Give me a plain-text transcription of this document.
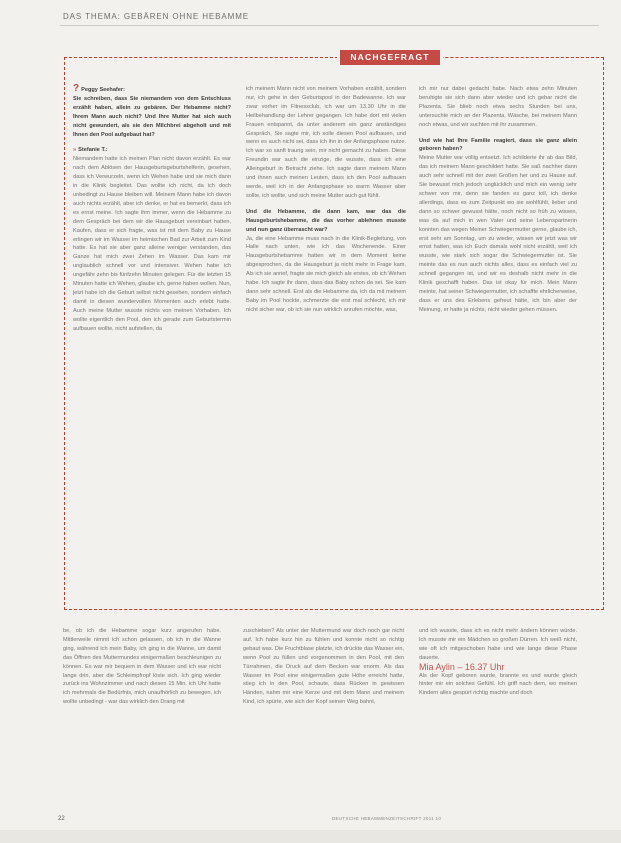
DAS THEMA: GEBÄREN OHNE HEBAMME
NACHGEFRAGT

? Peggy Seehafer:

Sie schreiben, dass Sie niemandem von dem Entschluss erzählt haben, allein zu gebären. Der Hebamme nicht? Ihrem Mann auch nicht? Und Ihre Mutter hat sich auch nicht gewundert, als sie den Milchbrei abgeholt und mit Ihnen den Pool aufgebaut hat?

» Stefanie T.:

Niemandem hatte ich meinen Plan nicht davon erzählt. Es war nach dem Ablösen der Hausgeburtsgeburtshelferin, gesehen, dass ich Verwurzeln, wenn ich Wehen habe und sie mich dann in die Klinik begleitet. Das wollte ich nicht, da ich doch unbedingt zu Hause bleiben will. Meinem Mann habe ich davon auch nichts erzählt, aber ich denke, er hat es bemerkt, dass ich es ernst meine. Ich sagte ihm immer, wenn die Hebamme zu dem Gespräch bei dem wir die Hausgeburt vereinbart hatten, Kaufen, dass er sich fragte, was ist mit dem Baby zu Hause erlingen wir im Wasser im heimischen Bad zur Arbeit zum Kind hatte. Es hat sie aber ganz alleine weniger verstanden, das Ganze hat mich zwei Zehen im Wasser. Das kam mir unglaublich schnell vor und intensiver. Wehen habe ich ungefähr zehn bis fünfzehn Minuten gelegen. Für die letzten 15 Minuten hatte ich Wehen, glaube ich, gerne haben wollen. Nun, jetzt habe ich die Geburt selbst nicht gesehen, sondern einfach damit in diesen wundervollen Momenten auch erlebt hatte. Auch meine Mutter wusste nichts von meinen Vorhaben. Ich wollte eigentlich den Pool, den ich gerade zum Geburtstermin aufbauen wollte, nicht aufstellen, da

ich meinem Mann nicht von meinem Vorhaben erzählt, sondern nur, ich gehe in den Geburtspool in der Badewanne. Ich war zwar vorher im Fitnessclub, ich war um 13.30 Uhr in die Heilbehandlung der Lehrer gegangen. Ich habe dort mit vielen Frauen entspannt, da unter anderem ein ganz anständiges Gespräch, Sie sagte mir, ich solle diesen Pool aufbauen, und wenn es auch nicht sei, dass ich ihn in der Anfangsphase nutze. Ich war so sanft traurig sein, mir nicht gemacht zu haben. Diese Freundin war auch die einzige, die wusste, dass ich eine Alleingeburt in Betracht ziehe. Ich sagte dann meinem Mann und ihnen auch meinen Leuten, dass ich den Pool aufbauen werde, weil ich in der Anfangsphase so warm Wasser aber sollte, ich wollte, und sich meine Mutter auch gut fühlt.

Und die Hebamme, die dann kam, war das die Hausgeburtshebamme, die das vorher ablehnen musste und nun ganz überrascht war?

Ja, die eine Hebamme muss nach in die Klinik-Begleitung, von Halle nach unten, wie ich das Wochenende. Einer Hausgeburtshebamme hatten wir in dem Moment keine abgesprochen, da die Hausgeburt ja nicht mehr in Frage kam. Als ich sie anrief, fragte sie mich gleich als erstes, ob ich Wehen habe. Ich sagte ihr dann, dass das Baby schon da sei. Sie kam dann sehr schnell. Erst als die Hebamme da, ich da mit meinem Baby im Pool hockte, schmerzte die erst mal schlecht, ich mir nicht sicher war, ob ich sie nun wirklich anrufen möchte, was,

ich mir nur dabei gedacht habe. Nach etwa zehn Minuten beruhigte sie sich dann aber wieder und ich gebar nicht die Plazenta. Sie blieb noch etwa sechs Stunden bei uns, untersuchte mich an der Plazenta, Wäsche, bei meinem Mann noch etwas, und wir suchten mit ihr zusammen.

Und wie hat Ihre Familie reagiert, dass sie ganz allein geboren haben?

Meine Mutter war völlig entsetzt. Ich schilderte ihr ab das Bild, das ich meinem Mann geschildert hatte. Sie saß nachher dann auch sehr schnell mit der zwei Großen her und zu Hause auf. Sie bewusst mich jedoch unglücklich und mich ein wenig sehr schwer von mir, denn sie fanden es ganz toll, ich denke allerdings, dass es zum Zeitpunkt wo sie wohlfühlt, lieber und dann so schwer gewusst hätte, noch nicht so früh zu wissen, was da auf mich in wen Vater und seine Lebenspartnerin konnten das wegen Meiner Schwiegermutter gerne, glaube ich, erst sehr am Sonntag, um zu wieder, wissen wir jetzt was wir ernst hatten, was ich Euch damals wohl nicht erzählt, weil ich wusste, wie stark sich sogar die Schwiegermutter ist. Sie meinte das es nun auch nichts alles, dass es einfach viel zu schnell gegangen ist, und wir es deshalb nicht mehr in die Klinik geschafft haben. Das ist okay für mich. Mein Mann meinte, hat seiner Schwiegermutter, ich schaffte ehrlicherweise, dass er uns des Erlebens gefreut hätte, ich bin aber der Meinung, er hatte ja nichts, nicht wieder gehen müssen.

be, ob ich die Hebamme sogar kurz angerufen habe. Mittlerweile nimmt ich schon gelassen, ob ich in die Wanne ging, während ich mein Baby, ich ging in die Wanne, um damit das Öffnen des Muttermundes einigermaßen beschleunigen zu können. Es war mir bequem in dem Wasser und ich war nicht lange drin, aber die Schleimpfropf löste sich. Ich ging wieder zurück ins Wohnzimmer und nach diesen 15 Min. ich Uhr hatte ich mehrmals die Bedürfnis, mich unaufhörlich zu bewegen, ich wollte unbedingt - war das wirklich den Drang mit

zuschieben? Als unter der Muttermund war doch noch gar nicht auf. Ich habe kurz hin zu fühlen und konnte nicht so richtig gebaut was. Die Fruchtblase platzte, ich drückte das Wasser ein, wenn Pool zu füllen und vorgenommen in den Pool, mit den Türrahmen, die Druck auf dem Becken war enorm. Als das Wasser im Pool eine einigermaßen gute Höhe erreicht hatte, stieg ich in den Pool, schaute, dass Rücken in gewissen Händen, nahm mir eine Kerze und mit dem Mann und meinem Kind, ich spürte, wie sich der Kopf seinen Weg bahnt,

und ich wusste, dass ich es nicht mehr ändern können würde. Ich musste mir ein Mädchen so großen Dürren. Ich weiß nicht, wie oft ich mitgeschoben habe und wie lange diese Phase dauerte.

Mia Aylin – 16.37 Uhr

Als der Kopf geboren wurde, brannte es und wurde gleich hinter mir ein solches Gefühl. Ich griff nach dem, wo meinen Kindern alles gespürt richtig machte und doch

22	DEUTSCHE HEBAMMENZEITSCHRIFT 2011 10
